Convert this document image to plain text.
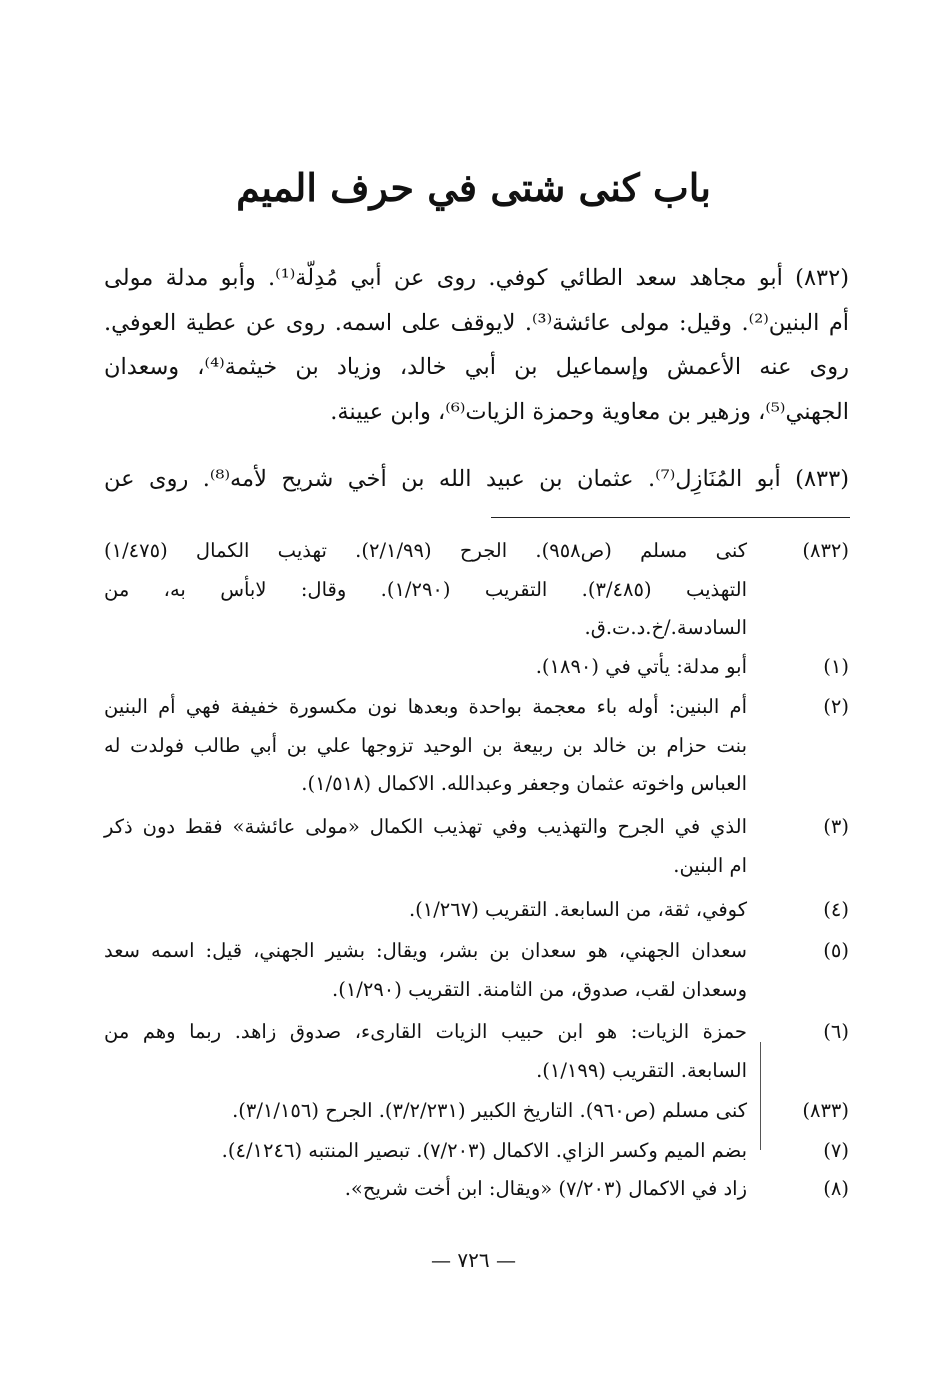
باب كنى شتى في حرف الميم

(٨٣٢) أبو مجاهد سعد الطائي كوفي. روى عن أبي مُدِلّة⁽¹⁾. وأبو مدلة مولى
أم البنين⁽²⁾. وقيل: مولى عائشة⁽³⁾. لايوقف على اسمه. روى عن عطية العوفي.
روى عنه الأعمش وإسماعيل بن أبي خالد، وزياد بن خيثمة⁽⁴⁾، وسعدان
الجهني⁽⁵⁾، وزهير بن معاوية وحمزة الزيات⁽⁶⁾، وابن عيينة.

(٨٣٣) أبو المُنَازِل⁽⁷⁾. عثمان بن عبيد الله بن أخي شريح لأمه⁽⁸⁾. روى عن

(٨٣٢)
كنى مسلم (ص٩٥٨). الجرح (٢/١/٩٩). تهذيب الكمال (١/٤٧٥)
التهذيب (٣/٤٨٥). التقريب (١/٢٩٠). وقال: لابأس به، من
السادسة./خ.د.ت.ق.
(١)
أبو مدلة: يأتي في (١٨٩٠).
(٢)
أم البنين: أوله باء معجمة بواحدة وبعدها نون مكسورة خفيفة فهي أم البنين
بنت حزام بن خالد بن ربيعة بن الوحيد تزوجها علي بن أبي طالب فولدت له
العباس واخوته عثمان وجعفر وعبدالله. الاكمال (١/٥١٨).
(٣)
الذي في الجرح والتهذيب وفي تهذيب الكمال «مولى عائشة» فقط دون ذكر
ام البنين.
(٤)
كوفي، ثقة، من السابعة. التقريب (١/٢٦٧).
(٥)
سعدان الجهني، هو سعدان بن بشر، ويقال: بشير الجهني، قيل: اسمه سعد
وسعدان لقب، صدوق، من الثامنة. التقريب (١/٢٩٠).
(٦)
حمزة الزيات: هو ابن حبيب الزيات القارىء، صدوق زاهد. ربما وهم من
السابعة. التقريب (١/١٩٩).
(٨٣٣)
كنى مسلم (ص٩٦٠). التاريخ الكبير (٣/٢/٢٣١). الجرح (٣/١/١٥٦).
(٧)
بضم الميم وكسر الزاي. الاكمال (٧/٢٠٣). تبصير المنتبه (٤/١٢٤٦).
(٨)
زاد في الاكمال (٧/٢٠٣) «ويقال: ابن أخت شريح».

— ٧٢٦ —
